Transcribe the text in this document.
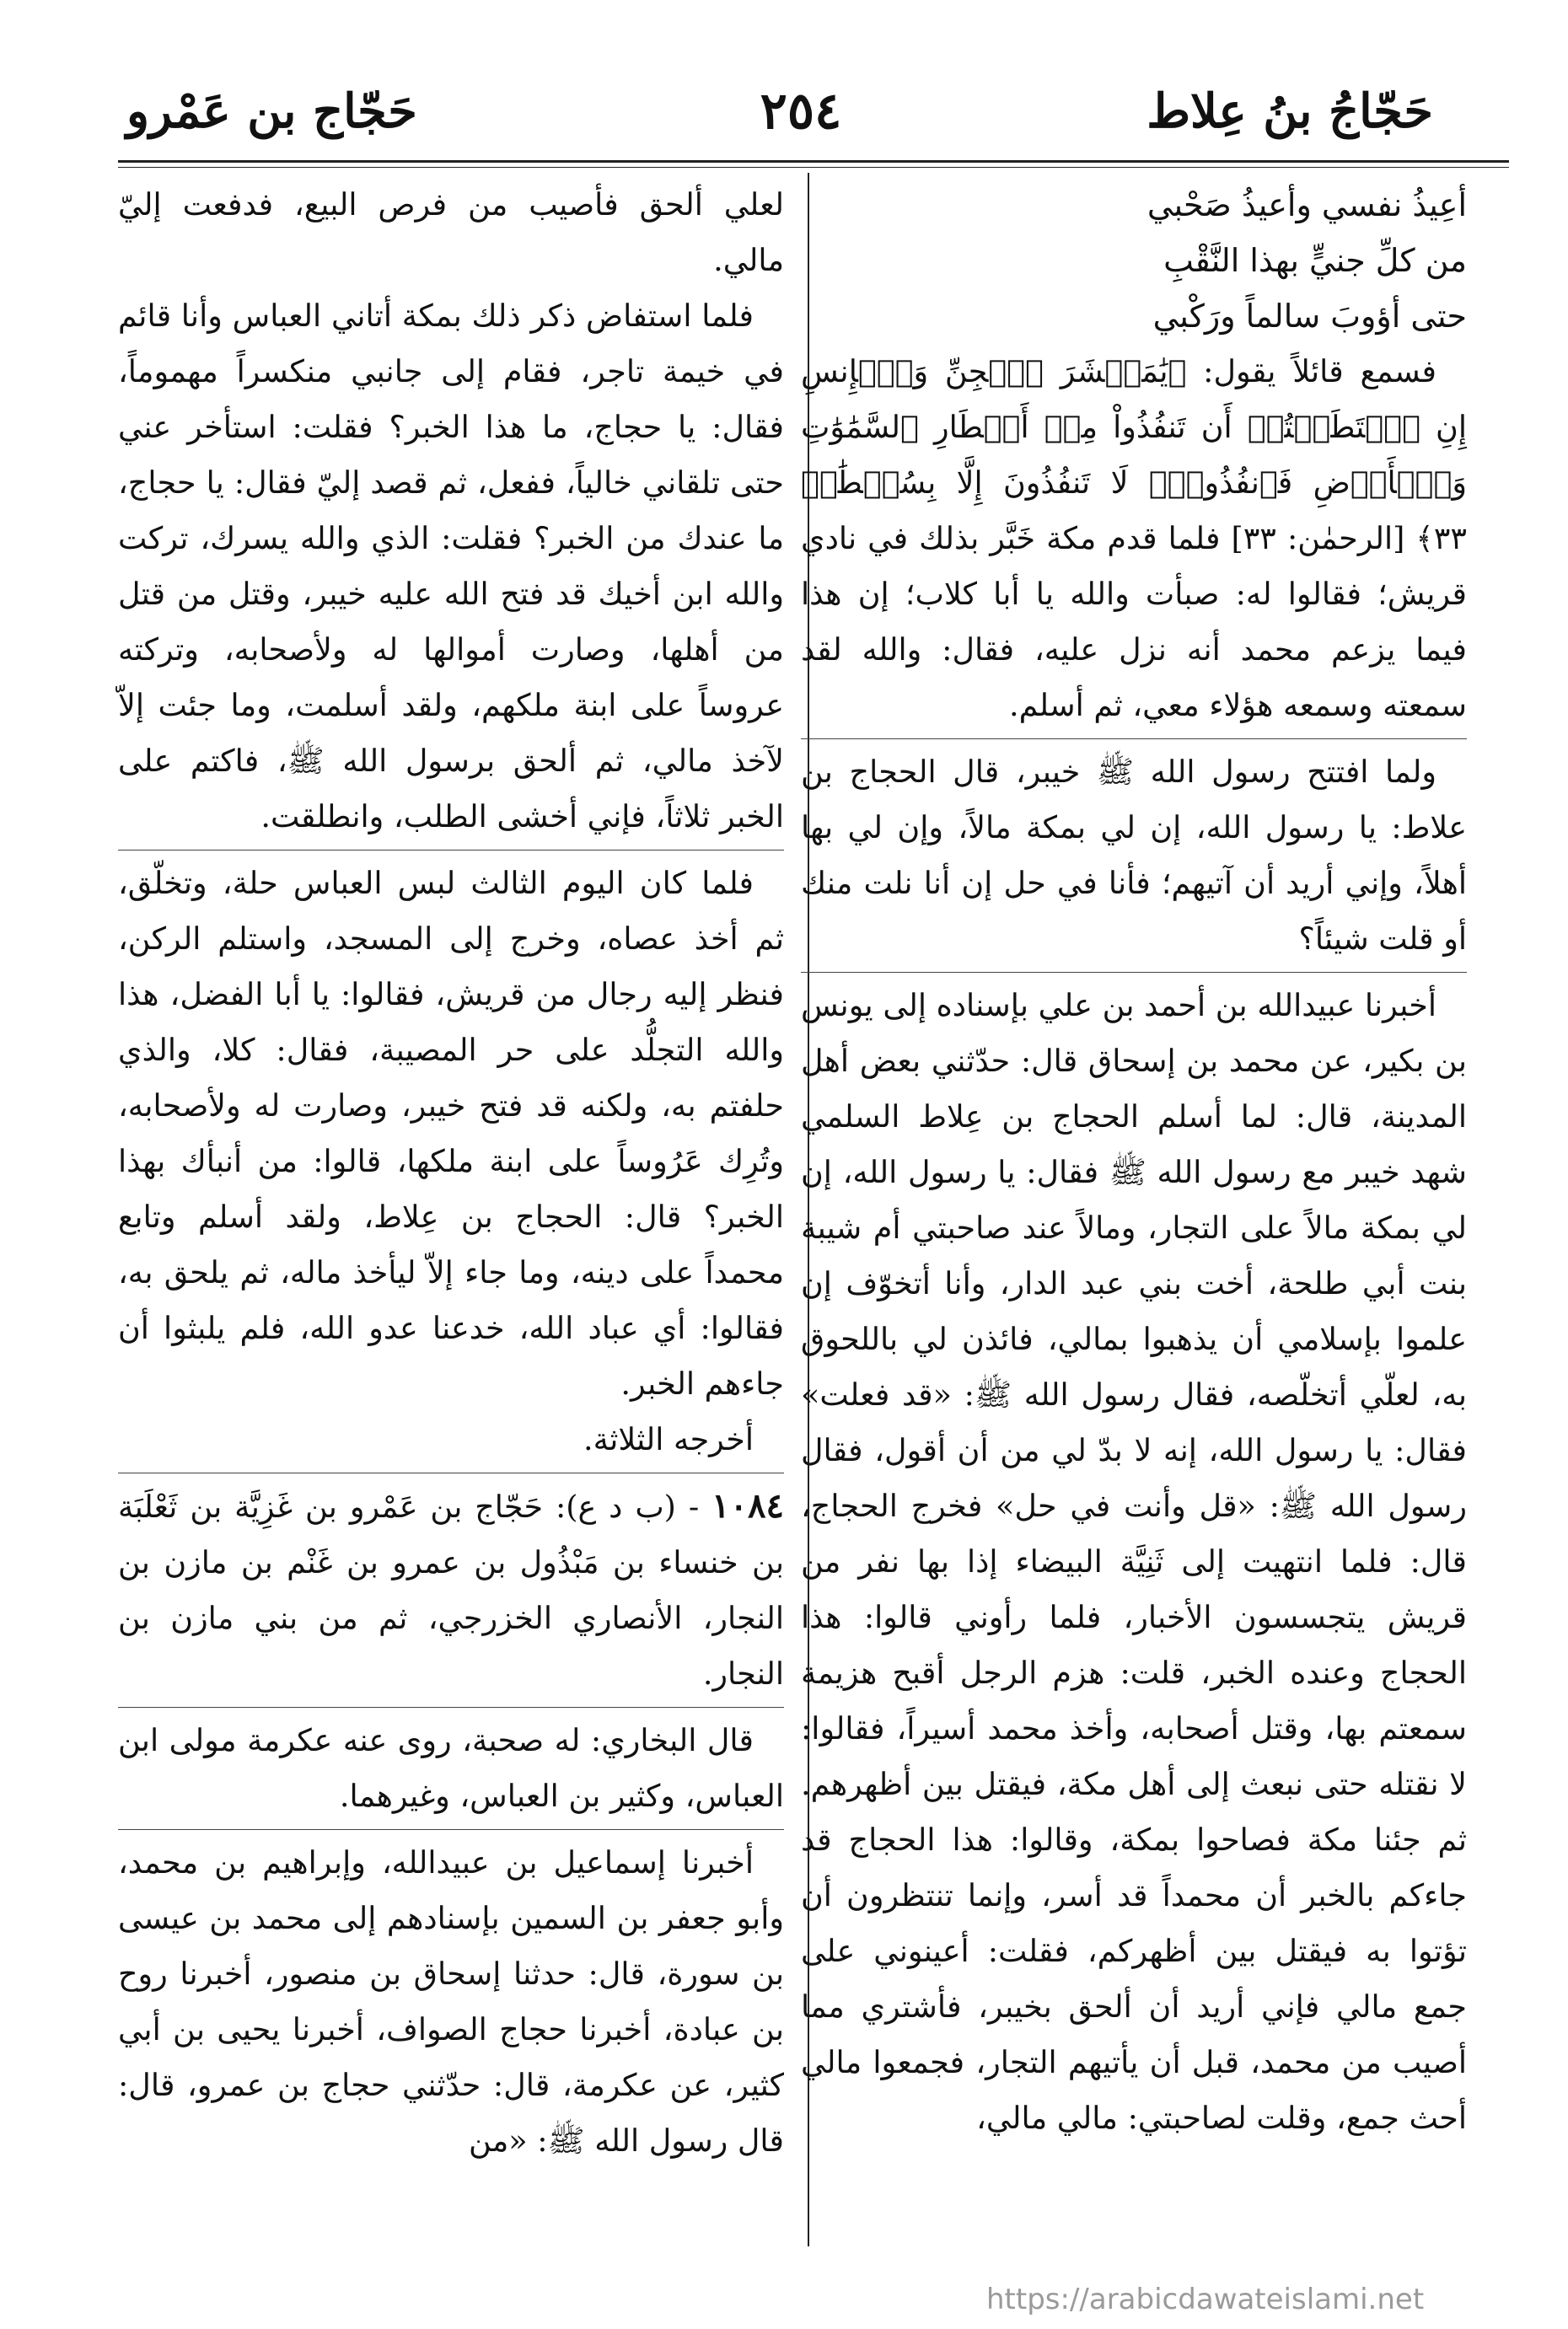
حَجّاجُ بنُ عِلاط
٢٥٤
حَجّاج بن عَمْرو
أعِيذُ نفسي وأعيذُ صَحْبي
من كلِّ جنيٍّ بهذا النَّقْبِ
حتى أؤوبَ سالماً ورَكْبي

فسمع قائلاً يقول: ﴿يَٰمَعۡشَرَ ٱلۡجِنِّ وَٱلۡإِنسِ إِنِ ٱسۡتَطَعۡتُمۡ أَن تَنفُذُواْ مِنۡ أَقۡطَارِ ٱلسَّمَٰوَٰتِ وَٱلۡأَرۡضِ فَٱنفُذُواْۚ لَا تَنفُذُونَ إِلَّا بِسُلۡطَٰنٖ ٣٣﴾ [الرحمٰن: ٣٣] فلما قدم مكة خَبَّر بذلك في نادي قريش؛ فقالوا له: صبأت والله يا أبا كلاب؛ إن هذا فيما يزعم محمد أنه نزل عليه، فقال: والله لقد سمعته وسمعه هؤلاء معي، ثم أسلم.

ولما افتتح رسول الله ﷺ خيبر، قال الحجاج بن علاط: يا رسول الله، إن لي بمكة مالاً، وإن لي بها أهلاً، وإني أريد أن آتيهم؛ فأنا في حل إن أنا نلت منك أو قلت شيئاً؟

أخبرنا عبيدالله بن أحمد بن علي بإسناده إلى يونس بن بكير، عن محمد بن إسحاق قال: حدّثني بعض أهل المدينة، قال: لما أسلم الحجاج بن عِلاط السلمي شهد خيبر مع رسول الله ﷺ فقال: يا رسول الله، إن لي بمكة مالاً على التجار، ومالاً عند صاحبتي أم شيبة بنت أبي طلحة، أخت بني عبد الدار، وأنا أتخوّف إن علموا بإسلامي أن يذهبوا بمالي، فائذن لي باللحوق به، لعلّي أتخلّصه، فقال رسول الله ﷺ: «قد فعلت» فقال: يا رسول الله، إنه لا بدّ لي من أن أقول، فقال رسول الله ﷺ: «قل وأنت في حل» فخرج الحجاج، قال: فلما انتهيت إلى ثَنِيَّة البيضاء إذا بها نفر من قريش يتجسسون الأخبار، فلما رأوني قالوا: هذا الحجاج وعنده الخبر، قلت: هزم الرجل أقبح هزيمة سمعتم بها، وقتل أصحابه، وأخذ محمد أسيراً، فقالوا: لا نقتله حتى نبعث إلى أهل مكة، فيقتل بين أظهرهم. ثم جئنا مكة فصاحوا بمكة، وقالوا: هذا الحجاج قد جاءكم بالخبر أن محمداً قد أسر، وإنما تنتظرون أن تؤتوا به فيقتل بين أظهركم، فقلت: أعينوني على جمع مالي فإني أريد أن ألحق بخيبر، فأشتري مما أصيب من محمد، قبل أن يأتيهم التجار، فجمعوا مالي أحث جمع، وقلت لصاحبتي: مالي مالي،

لعلي ألحق فأصيب من فرص البيع، فدفعت إليّ مالي.

فلما استفاض ذكر ذلك بمكة أتاني العباس وأنا قائم في خيمة تاجر، فقام إلى جانبي منكسراً مهموماً، فقال: يا حجاج، ما هذا الخبر؟ فقلت: استأخر عني حتى تلقاني خالياً، ففعل، ثم قصد إليّ فقال: يا حجاج، ما عندك من الخبر؟ فقلت: الذي والله يسرك، تركت والله ابن أخيك قد فتح الله عليه خيبر، وقتل من قتل من أهلها، وصارت أموالها له ولأصحابه، وتركته عروساً على ابنة ملكهم، ولقد أسلمت، وما جئت إلاّ لآخذ مالي، ثم ألحق برسول الله ﷺ، فاكتم على الخبر ثلاثاً، فإني أخشى الطلب، وانطلقت.

فلما كان اليوم الثالث لبس العباس حلة، وتخلّق، ثم أخذ عصاه، وخرج إلى المسجد، واستلم الركن، فنظر إليه رجال من قريش، فقالوا: يا أبا الفضل، هذا والله التجلُّد على حر المصيبة، فقال: كلا، والذي حلفتم به، ولكنه قد فتح خيبر، وصارت له ولأصحابه، وتُرِك عَرُوساً على ابنة ملكها، قالوا: من أنبأك بهذا الخبر؟ قال: الحجاج بن عِلاط، ولقد أسلم وتابع محمداً على دينه، وما جاء إلاّ ليأخذ ماله، ثم يلحق به، فقالوا: أي عباد الله، خدعنا عدو الله، فلم يلبثوا أن جاءهم الخبر.

أخرجه الثلاثة.

١٠٨٤ - (ب د ع): حَجّاج بن عَمْرو بن غَزِيَّة بن ثَعْلَبَة بن خنساء بن مَبْذُول بن عمرو بن غَنْم بن مازن بن النجار، الأنصاري الخزرجي، ثم من بني مازن بن النجار.

قال البخاري: له صحبة، روى عنه عكرمة مولى ابن العباس، وكثير بن العباس، وغيرهما.

أخبرنا إسماعيل بن عبيدالله، وإبراهيم بن محمد، وأبو جعفر بن السمين بإسنادهم إلى محمد بن عيسى بن سورة، قال: حدثنا إسحاق بن منصور، أخبرنا روح بن عبادة، أخبرنا حجاج الصواف، أخبرنا يحيى بن أبي كثير، عن عكرمة، قال: حدّثني حجاج بن عمرو، قال: قال رسول الله ﷺ: «من

https://arabicdawateislami.net
